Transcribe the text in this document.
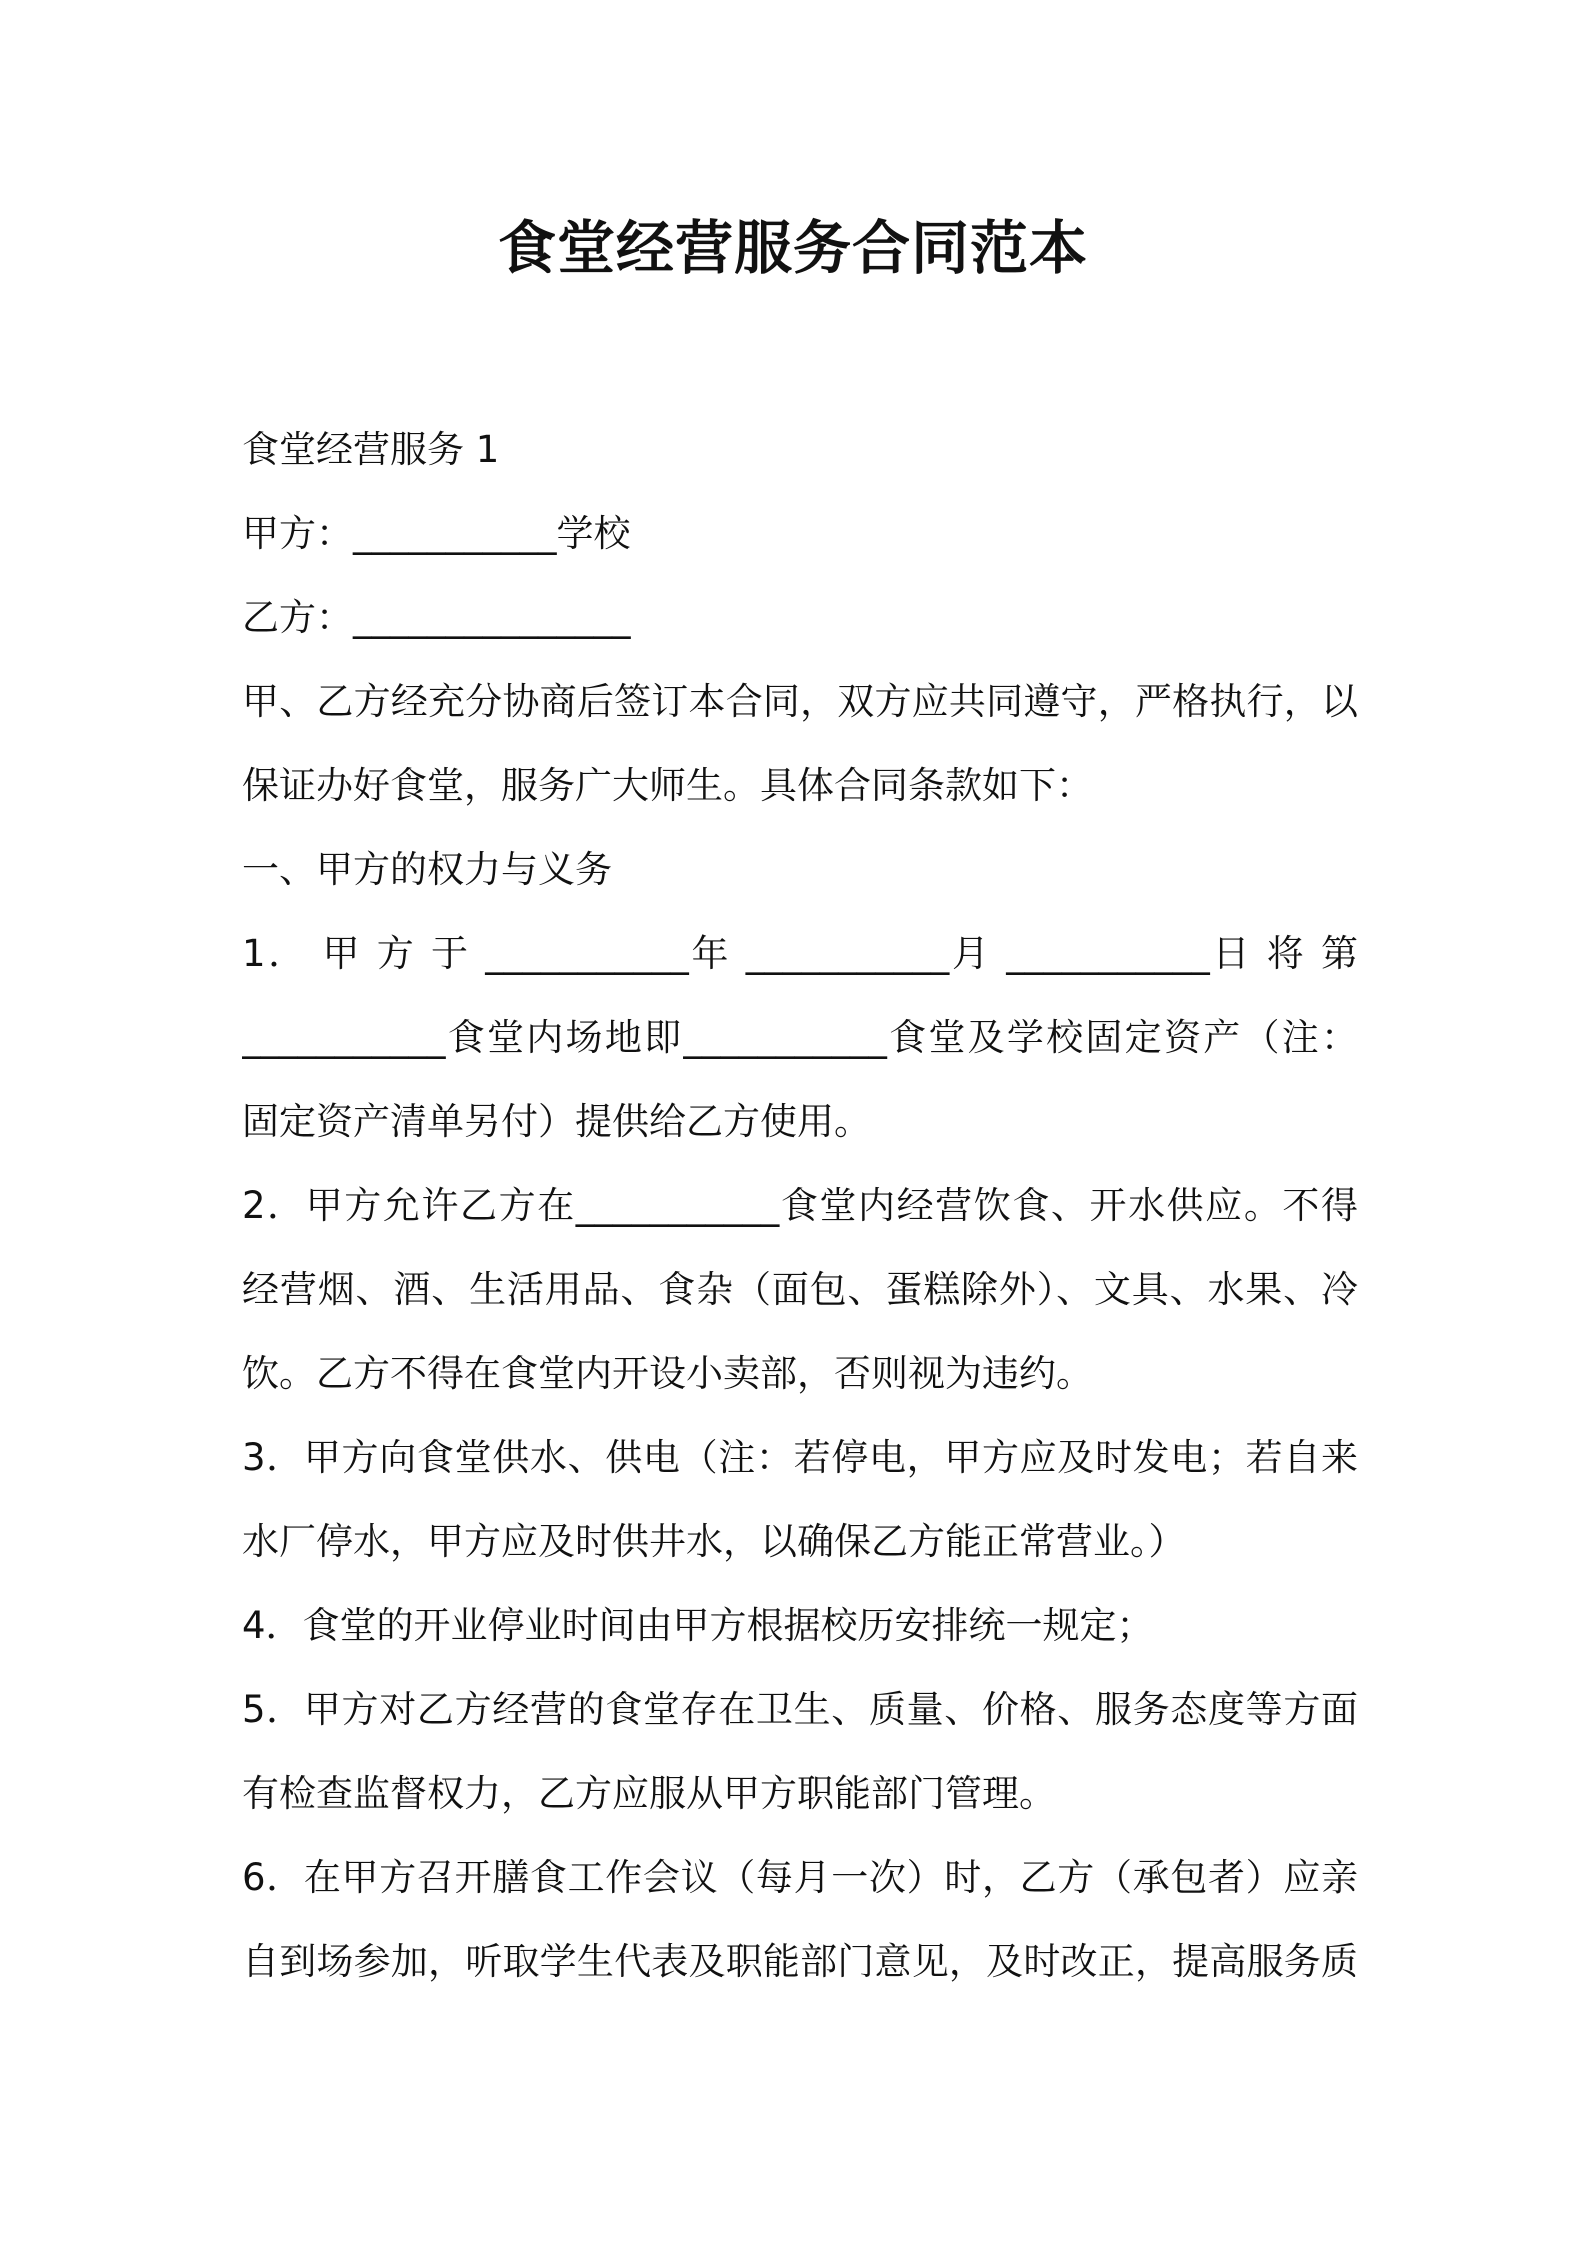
食堂经营服务合同范本
食堂经营服务 1
甲方：___________学校
乙方：_______________
甲、乙方经充分协商后签订本合同，双方应共同遵守，严格执行，以
保证办好食堂，服务广大师生。具体合同条款如下：
一、甲方的权力与义务
1． 甲 方 于 ___________年 ___________月 ___________日 将 第
___________食堂内场地即___________食堂及学校固定资产（注：
固定资产清单另付）提供给乙方使用。
2．甲方允许乙方在___________食堂内经营饮食、开水供应。不得
经营烟、酒、生活用品、食杂（面包、蛋糕除外）、文具、水果、冷
饮。乙方不得在食堂内开设小卖部，否则视为违约。
3．甲方向食堂供水、供电（注：若停电，甲方应及时发电；若自来
水厂停水，甲方应及时供井水，以确保乙方能正常营业。）
4．食堂的开业停业时间由甲方根据校历安排统一规定；
5．甲方对乙方经营的食堂存在卫生、质量、价格、服务态度等方面
有检查监督权力，乙方应服从甲方职能部门管理。
6．在甲方召开膳食工作会议（每月一次）时，乙方（承包者）应亲
自到场参加，听取学生代表及职能部门意见，及时改正，提高服务质
